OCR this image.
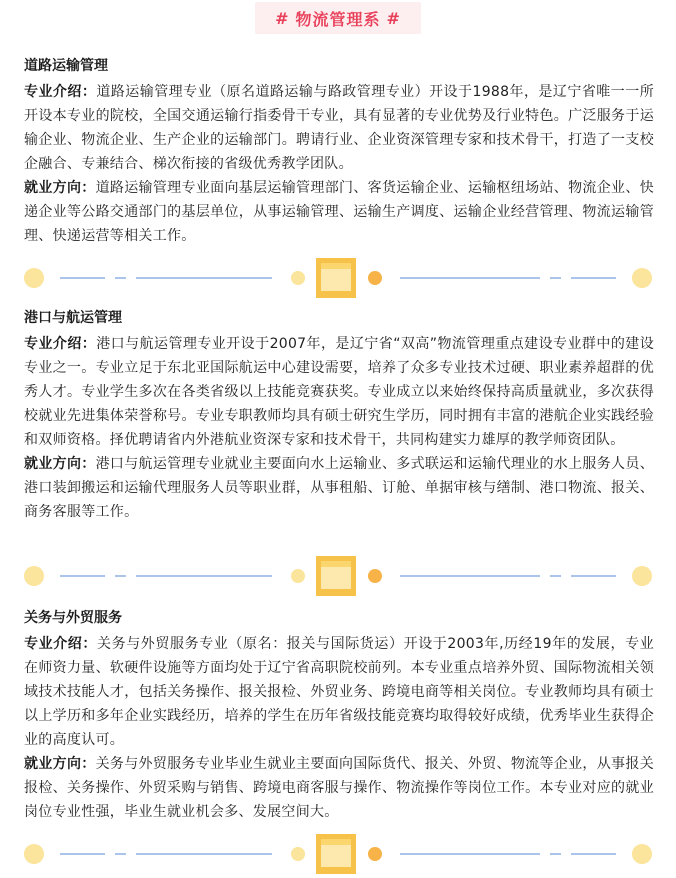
# 物流管理系 #
道路运输管理

专业介绍：道路运输管理专业（原名道路运输与路政管理专业）开设于1988年，是辽宁省唯一一所开设本专业的院校，全国交通运输行指委骨干专业，具有显著的专业优势及行业特色。广泛服务于运输企业、物流企业、生产企业的运输部门。聘请行业、企业资深管理专家和技术骨干，打造了一支校企融合、专兼结合、梯次衔接的省级优秀教学团队。

就业方向：道路运输管理专业面向基层运输管理部门、客货运输企业、运输枢纽场站、物流企业、快递企业等公路交通部门的基层单位，从事运输管理、运输生产调度、运输企业经营管理、物流运输管理、快递运营等相关工作。

港口与航运管理

专业介绍：港口与航运管理专业开设于2007年，是辽宁省“双高”物流管理重点建设专业群中的建设专业之一。专业立足于东北亚国际航运中心建设需要，培养了众多专业技术过硬、职业素养超群的优秀人才。专业学生多次在各类省级以上技能竞赛获奖。专业成立以来始终保持高质量就业，多次获得校就业先进集体荣誉称号。专业专职教师均具有硕士研究生学历，同时拥有丰富的港航企业实践经验和双师资格。择优聘请省内外港航业资深专家和技术骨干，共同构建实力雄厚的教学师资团队。

就业方向：港口与航运管理专业就业主要面向水上运输业、多式联运和运输代理业的水上服务人员、港口装卸搬运和运输代理服务人员等职业群，从事租船、订舱、单据审核与缮制、港口物流、报关、商务客服等工作。

关务与外贸服务

专业介绍：关务与外贸服务专业（原名：报关与国际货运）开设于2003年,历经19年的发展，专业在师资力量、软硬件设施等方面均处于辽宁省高职院校前列。本专业重点培养外贸、国际物流相关领域技术技能人才，包括关务操作、报关报检、外贸业务、跨境电商等相关岗位。专业教师均具有硕士以上学历和多年企业实践经历，培养的学生在历年省级技能竞赛均取得较好成绩，优秀毕业生获得企业的高度认可。

就业方向：关务与外贸服务专业毕业生就业主要面向国际货代、报关、外贸、物流等企业，从事报关报检、关务操作、外贸采购与销售、跨境电商客服与操作、物流操作等岗位工作。本专业对应的就业岗位专业性强，毕业生就业机会多、发展空间大。
